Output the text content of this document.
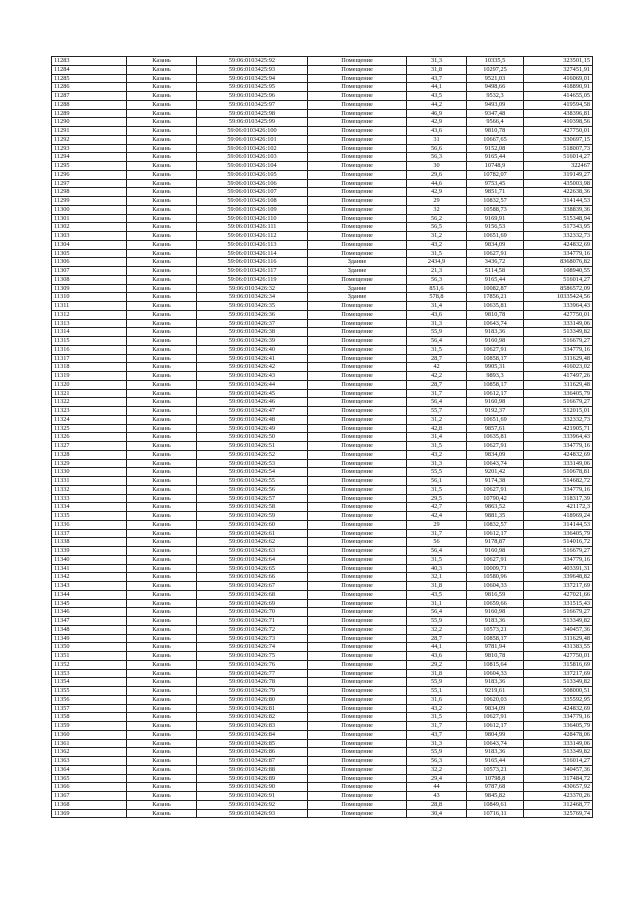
11283	Казань	59:06:0103425:92	Помещение	31,3	10335,5	323501,15
11284	Казань	59:06:0103425:93	Помещение	31,8	10297,25	327451,91
11285	Казань	59:06:0103425:94	Помещение	43,7	9521,03	416069,01
11286	Казань	59:06:0103425:95	Помещение	44,1	9498,66	418890,91
11287	Казань	59:06:0103425:96	Помещение	43,5	9532,3	414655,05
11288	Казань	59:06:0103425:97	Помещение	44,2	9493,09	419594,58
11289	Казань	59:06:0103425:98	Помещение	46,9	9347,48	438396,81
11290	Казань	59:06:0103425:99	Помещение	42,9	9566,4	410398,56
11291	Казань	59:06:0103426:100	Помещение	43,6	9810,78	427750,01
11292	Казань	59:06:0103426:101	Помещение	31	10667,65	330697,15
11293	Казань	59:06:0103426:102	Помещение	56,6	9152,08	518007,73
11294	Казань	59:06:0103426:103	Помещение	56,3	9165,44	516014,27
11295	Казань	59:06:0103426:104	Помещение	30	10748,9	322467
11296	Казань	59:06:0103426:105	Помещение	29,6	10782,07	319149,27
11297	Казань	59:06:0103426:106	Помещение	44,6	9753,45	435003,98
11298	Казань	59:06:0103426:107	Помещение	42,9	9851,71	422638,36
11299	Казань	59:06:0103426:108	Помещение	29	10832,57	314144,53
11300	Казань	59:06:0103426:109	Помещение	32	10588,73	338839,36
11301	Казань	59:06:0103426:110	Помещение	56,2	9169,91	515348,94
11302	Казань	59:06:0103426:111	Помещение	56,5	9156,53	517343,95
11303	Казань	59:06:0103426:112	Помещение	31,2	10651,69	332332,73
11304	Казань	59:06:0103426:113	Помещение	43,2	9834,09	424832,69
11305	Казань	59:06:0103426:114	Помещение	31,5	10627,91	334779,16
11306	Казань	59:06:0103426:116	Здание	2434,9	3436,72	8368076,82
11307	Казань	59:06:0103426:117	Здание	21,3	5114,58	108940,55
11308	Казань	59:06:0103426:119	Помещение	56,3	9165,44	516014,27
11309	Казань	59:06:0103426:32	Здание	851,6	10082,87	8586572,09
11310	Казань	59:06:0103426:34	Здание	578,8	17856,21	10335424,56
11311	Казань	59:06:0103426:35	Помещение	31,4	10635,81	333964,43
11312	Казань	59:06:0103426:36	Помещение	43,6	9810,78	427750,01
11313	Казань	59:06:0103426:37	Помещение	31,3	10643,74	333149,06
11314	Казань	59:06:0103426:38	Помещение	55,9	9183,36	513349,82
11315	Казань	59:06:0103426:39	Помещение	56,4	9160,98	516679,27
11316	Казань	59:06:0103426:40	Помещение	31,5	10627,91	334779,16
11317	Казань	59:06:0103426:41	Помещение	28,7	10858,17	311629,48
11318	Казань	59:06:0103426:42	Помещение	42	9905,31	416023,02
11319	Казань	59:06:0103426:43	Помещение	42,2	9893,3	417497,26
11320	Казань	59:06:0103426:44	Помещение	28,7	10858,17	311629,48
11321	Казань	59:06:0103426:45	Помещение	31,7	10612,17	336405,79
11322	Казань	59:06:0103426:46	Помещение	56,4	9160,98	516679,27
11323	Казань	59:06:0103426:47	Помещение	55,7	9192,37	512015,01
11324	Казань	59:06:0103426:48	Помещение	31,2	10651,69	332332,73
11325	Казань	59:06:0103426:49	Помещение	42,8	9857,61	421905,71
11326	Казань	59:06:0103426:50	Помещение	31,4	10635,81	333964,43
11327	Казань	59:06:0103426:51	Помещение	31,5	10627,91	334779,16
11328	Казань	59:06:0103426:52	Помещение	43,2	9834,09	424832,69
11329	Казань	59:06:0103426:53	Помещение	31,3	10643,74	333149,06
11330	Казань	59:06:0103426:54	Помещение	55,5	9201,42	510678,81
11331	Казань	59:06:0103426:55	Помещение	56,1	9174,38	514682,72
11332	Казань	59:06:0103426:56	Помещение	31,5	10627,91	334779,16
11333	Казань	59:06:0103426:57	Помещение	29,5	10790,42	318317,39
11334	Казань	59:06:0103426:58	Помещение	42,7	9863,52	421172,3
11335	Казань	59:06:0103426:59	Помещение	42,4	9881,35	418969,24
11336	Казань	59:06:0103426:60	Помещение	29	10832,57	314144,53
11337	Казань	59:06:0103426:61	Помещение	31,7	10612,17	336405,79
11338	Казань	59:06:0103426:62	Помещение	56	9178,87	514016,72
11339	Казань	59:06:0103426:63	Помещение	56,4	9160,98	516679,27
11340	Казань	59:06:0103426:64	Помещение	31,5	10627,91	334779,16
11341	Казань	59:06:0103426:65	Помещение	40,3	10009,71	403391,31
11342	Казань	59:06:0103426:66	Помещение	32,1	10580,96	339648,82
11343	Казань	59:06:0103426:67	Помещение	31,8	10604,33	337217,69
11344	Казань	59:06:0103426:68	Помещение	43,5	9816,59	427021,66
11345	Казань	59:06:0103426:69	Помещение	31,1	10659,66	331515,43
11346	Казань	59:06:0103426:70	Помещение	56,4	9160,98	516679,27
11347	Казань	59:06:0103426:71	Помещение	55,9	9183,36	513349,82
11348	Казань	59:06:0103426:72	Помещение	32,2	10573,21	340457,36
11349	Казань	59:06:0103426:73	Помещение	28,7	10858,17	311629,48
11350	Казань	59:06:0103426:74	Помещение	44,1	9781,94	431383,55
11351	Казань	59:06:0103426:75	Помещение	43,6	9810,78	427750,01
11352	Казань	59:06:0103426:76	Помещение	29,2	10815,64	315816,69
11353	Казань	59:06:0103426:77	Помещение	31,8	10604,33	337217,69
11354	Казань	59:06:0103426:78	Помещение	55,9	9183,36	513349,82
11355	Казань	59:06:0103426:79	Помещение	55,1	9219,61	508000,51
11356	Казань	59:06:0103426:80	Помещение	31,6	10620,03	335592,95
11357	Казань	59:06:0103426:81	Помещение	43,2	9834,09	424832,69
11358	Казань	59:06:0103426:82	Помещение	31,5	10627,91	334779,16
11359	Казань	59:06:0103426:83	Помещение	31,7	10612,17	336405,79
11360	Казань	59:06:0103426:84	Помещение	43,7	9804,99	428478,06
11361	Казань	59:06:0103426:85	Помещение	31,3	10643,74	333149,06
11362	Казань	59:06:0103426:86	Помещение	55,9	9183,36	513349,82
11363	Казань	59:06:0103426:87	Помещение	56,3	9165,44	516014,27
11364	Казань	59:06:0103426:88	Помещение	32,2	10573,21	340457,36
11365	Казань	59:06:0103426:89	Помещение	29,4	10798,8	317484,72
11366	Казань	59:06:0103426:90	Помещение	44	9787,68	430657,92
11367	Казань	59:06:0103426:91	Помещение	43	9845,82	423370,26
11368	Казань	59:06:0103426:92	Помещение	28,8	10849,61	312468,77
11369	Казань	59:06:0103426:93	Помещение	30,4	10716,11	325769,74
